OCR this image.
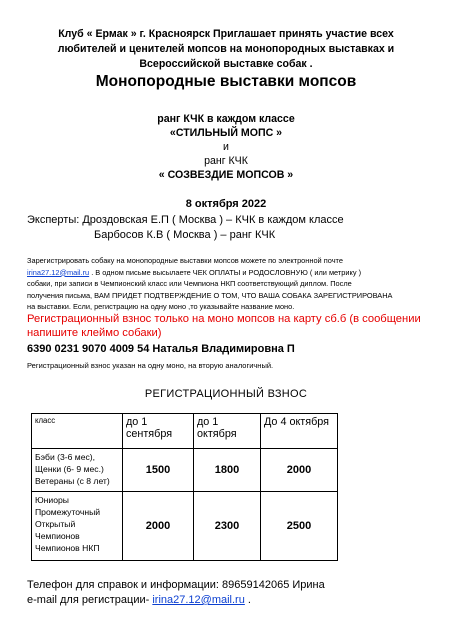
Клуб « Ермак » г. Красноярск Приглашает принять участие всех
любителей и ценителей мопсов на монопородных выставках и
Всероссийской выставке собак .
Монопородные выставки мопсов
ранг КЧК в каждом классе
«СТИЛЬНЫЙ МОПС »
и
ранг КЧК
« СОЗВЕЗДИЕ МОПСОВ »
8 октября 2022
Эксперты: Дроздовская Е.П ( Москва ) – КЧК в каждом классе
Барбосов К.В ( Москва ) – ранг КЧК
Зарегистрировать собаку на монопородные выставки мопсов можете по электронной почте
irina27.12@mail.ru . В одном письме высылаете ЧЕК ОПЛАТЫ и РОДОСЛОВНУЮ ( или метрику )
собаки, при записи в Чемпионский класс или Чемпиона НКП соответствующий диплом. После
получения письма, ВАМ ПРИДЕТ ПОДТВЕРЖДЕНИЕ О ТОМ, ЧТО ВАША СОБАКА ЗАРЕГИСТРИРОВАНА
на выставки. Если, регистрацию на одну моно ,то указывайте название моно.
Регистрационный взнос только на моно мопсов на карту сб.б (в сообщении напишите клеймо собаки)
6390 0231 9070 4009 54 Наталья Владимировна П
Регистрационный взнос указан на одну моно, на вторую аналогичный.
РЕГИСТРАЦИОННЫЙ ВЗНОС
класс	до 1 сентября	до 1 октября	До 4 октября

Бэби (3-6 мес),
Щенки (6- 9 мес.)
Ветераны (с 8 лет)	1500	1800	2000

Юниоры
Промежуточный
Открытый
Чемпионов
Чемпионов НКП	2000	2300	2500
Телефон для справок и информации: 89659142065 Ирина
e-mail для регистрации- irina27.12@mail.ru .
